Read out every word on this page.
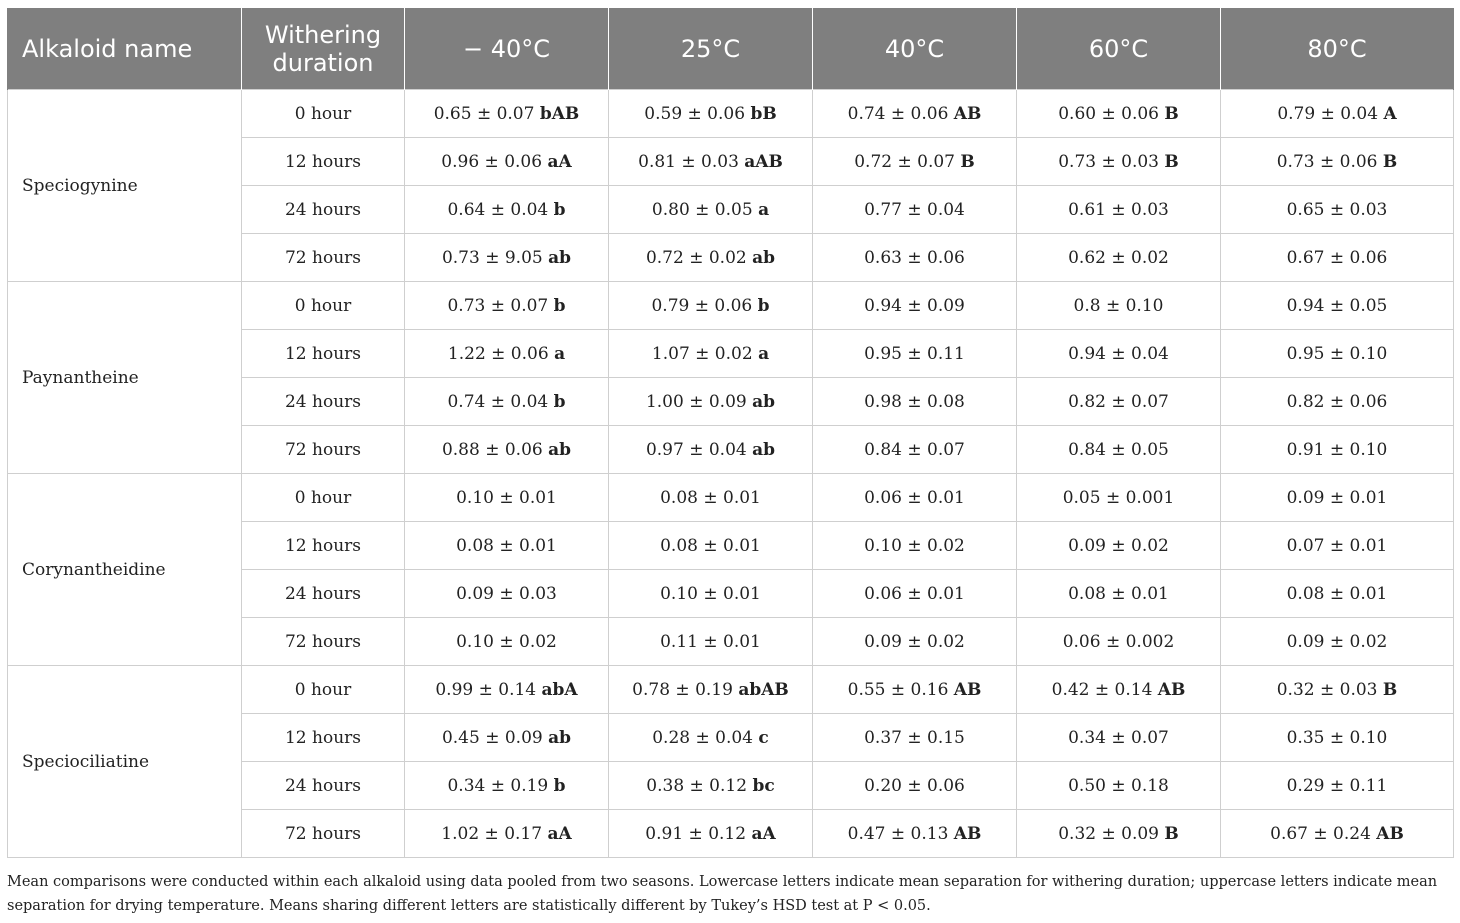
Alkaloid name	Withering duration	− 40°C	25°C	40°C	60°C	80°C
Speciogynine	0 hour	0.65 ± 0.07 bAB	0.59 ± 0.06 bB	0.74 ± 0.06 AB	0.60 ± 0.06 B	0.79 ± 0.04 A
	12 hours	0.96 ± 0.06 aA	0.81 ± 0.03 aAB	0.72 ± 0.07 B	0.73 ± 0.03 B	0.73 ± 0.06 B
	24 hours	0.64 ± 0.04 b	0.80 ± 0.05 a	0.77 ± 0.04	0.61 ± 0.03	0.65 ± 0.03
	72 hours	0.73 ± 9.05 ab	0.72 ± 0.02 ab	0.63 ± 0.06	0.62 ± 0.02	0.67 ± 0.06
Paynantheine	0 hour	0.73 ± 0.07 b	0.79 ± 0.06 b	0.94 ± 0.09	0.8 ± 0.10	0.94 ± 0.05
	12 hours	1.22 ± 0.06 a	1.07 ± 0.02 a	0.95 ± 0.11	0.94 ± 0.04	0.95 ± 0.10
	24 hours	0.74 ± 0.04 b	1.00 ± 0.09 ab	0.98 ± 0.08	0.82 ± 0.07	0.82 ± 0.06
	72 hours	0.88 ± 0.06 ab	0.97 ± 0.04 ab	0.84 ± 0.07	0.84 ± 0.05	0.91 ± 0.10
Corynantheidine	0 hour	0.10 ± 0.01	0.08 ± 0.01	0.06 ± 0.01	0.05 ± 0.001	0.09 ± 0.01
	12 hours	0.08 ± 0.01	0.08 ± 0.01	0.10 ± 0.02	0.09 ± 0.02	0.07 ± 0.01
	24 hours	0.09 ± 0.03	0.10 ± 0.01	0.06 ± 0.01	0.08 ± 0.01	0.08 ± 0.01
	72 hours	0.10 ± 0.02	0.11 ± 0.01	0.09 ± 0.02	0.06 ± 0.002	0.09 ± 0.02
Speciociliatine	0 hour	0.99 ± 0.14 abA	0.78 ± 0.19 abAB	0.55 ± 0.16 AB	0.42 ± 0.14 AB	0.32 ± 0.03 B
	12 hours	0.45 ± 0.09 ab	0.28 ± 0.04 c	0.37 ± 0.15	0.34 ± 0.07	0.35 ± 0.10
	24 hours	0.34 ± 0.19 b	0.38 ± 0.12 bc	0.20 ± 0.06	0.50 ± 0.18	0.29 ± 0.11
	72 hours	1.02 ± 0.17 aA	0.91 ± 0.12 aA	0.47 ± 0.13 AB	0.32 ± 0.09 B	0.67 ± 0.24 AB
Mean comparisons were conducted within each alkaloid using data pooled from two seasons. Lowercase letters indicate mean separation for withering duration; uppercase letters indicate mean separation for drying temperature. Means sharing different letters are statistically different by Tukey’s HSD test at P < 0.05.
